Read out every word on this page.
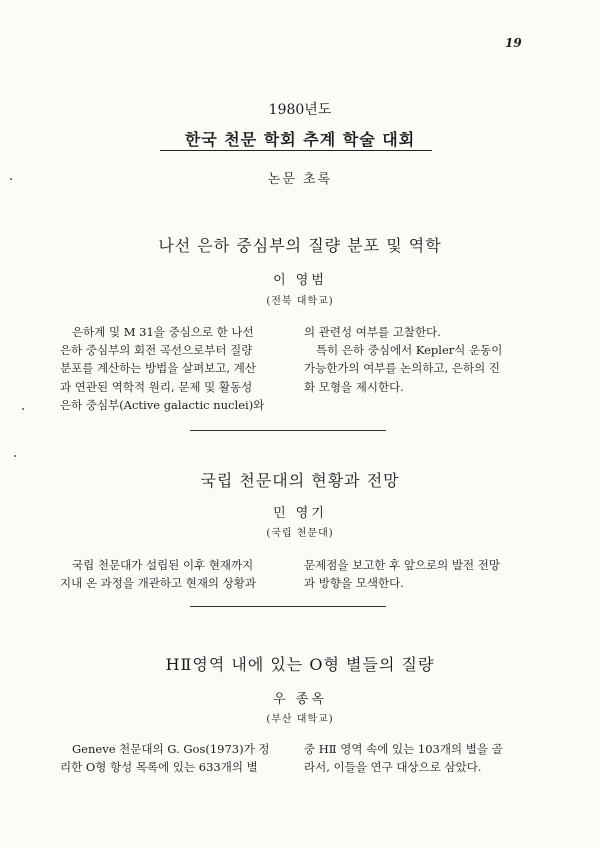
19
1980년도
한국 천문 학회 추계 학술 대회
논문 초록
나선 은하 중심부의 질량 분포 및 역학
이 영범
(전북 대학교)
은하계 및 M 31을 중심으로 한 나선
은하 중심부의 회전 곡선으로부터 질량
분포를 계산하는 방법을 살펴보고, 계산
과 연관된 역학적 원리, 문제 및 활동성
은하 중심부(Active galactic nuclei)와
의 관련성 여부를 고찰한다.
특히 은하 중심에서 Kepler식 운동이
가능한가의 여부를 논의하고, 은하의 진
화 모형을 제시한다.
국립 천문대의 현황과 전망
민 영기
(국립 천문대)
국립 천문대가 설립된 이후 현재까지
지내 온 과정을 개관하고 현재의 상황과
문제점을 보고한 후 앞으로의 발전 전망
과 방향을 모색한다.
HⅡ영역 내에 있는 O형 별들의 질량
우 종옥
(부산 대학교)
Geneve 천문대의 G. Gos(1973)가 정
리한 O형 항성 목록에 있는 633개의 별
중 HⅡ 영역 속에 있는 103개의 별을 골
라서, 이들을 연구 대상으로 삼았다.
